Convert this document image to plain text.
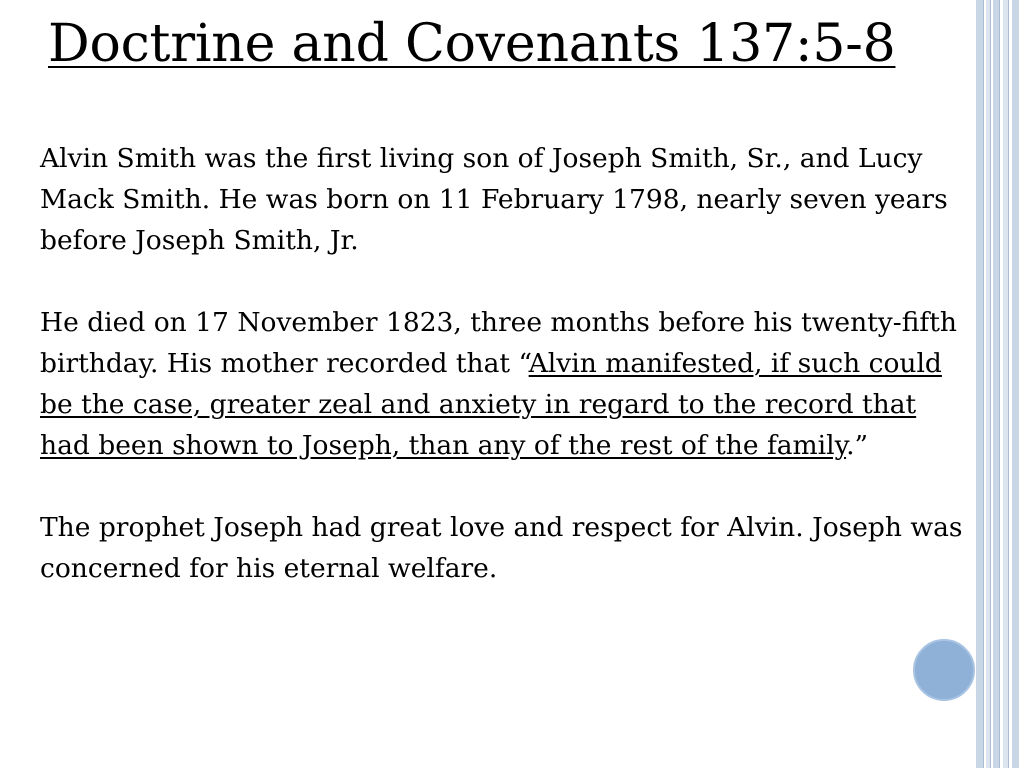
Doctrine and Covenants 137:5-8

Alvin Smith was the first living son of Joseph Smith, Sr., and Lucy Mack Smith. He was born on 11 February 1798, nearly seven years before Joseph Smith, Jr.

He died on 17 November 1823, three months before his twenty-fifth birthday. His mother recorded that “Alvin manifested, if such could be the case, greater zeal and anxiety in regard to the record that had been shown to Joseph, than any of the rest of the family.”

The prophet Joseph had great love and respect for Alvin. Joseph was concerned for his eternal welfare.
